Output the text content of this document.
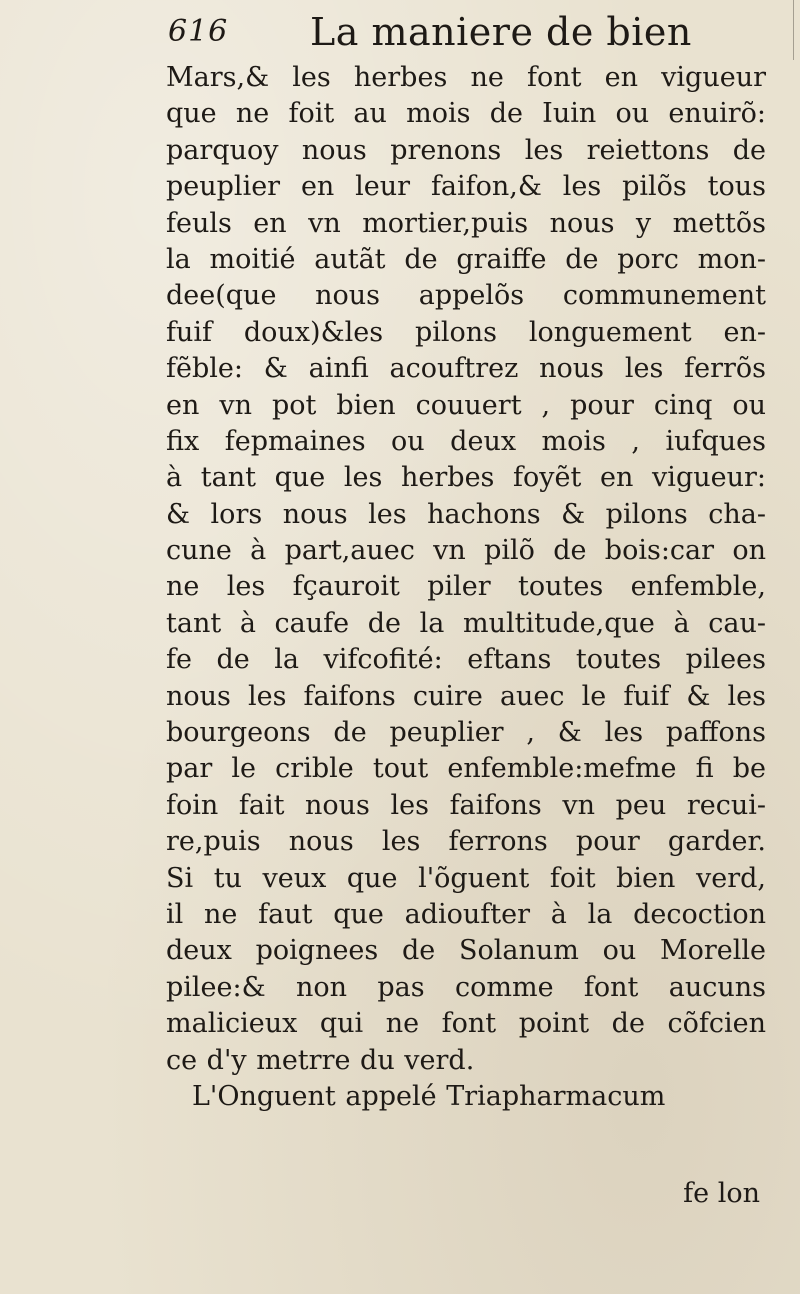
616 La maniere de bien
Mars,& les herbes ne font en vigueur
que ne foit au mois de Iuin ou enuirõ:
parquoy nous prenons les reiettons de
peuplier en leur faifon,& les pilõs tous
feuls en vn mortier,puis nous y mettõs
la moitié autãt de graiffe de porc mon-
dee(que nous appelõs communement
fuif doux)&les pilons longuement en-
fẽble: & ainfi acouftrez nous les ferrõs
en vn pot bien couuert , pour cinq ou
fix fepmaines ou deux mois , iufques
à tant que les herbes foyẽt en vigueur:
& lors nous les hachons & pilons cha-
cune à part,auec vn pilõ de bois:car on
ne les fçauroit piler toutes enfemble,
tant à caufe de la multitude,que à cau-
fe de la vifcofité: eftans toutes pilees
nous les faifons cuire auec le fuif & les
bourgeons de peuplier , & les paffons
par le crible tout enfemble:mefme fi be
foin fait nous les faifons vn peu recui-
re,puis nous les ferrons pour garder.
Si tu veux que l'õguent foit bien verd,
il ne faut que adioufter à la decoction
deux poignees de Solanum ou Morelle
pilee:& non pas comme font aucuns
malicieux qui ne font point de cõfcien
ce d'y metrre du verd.
L'Onguent appelé Triapharmacum
fe lon
